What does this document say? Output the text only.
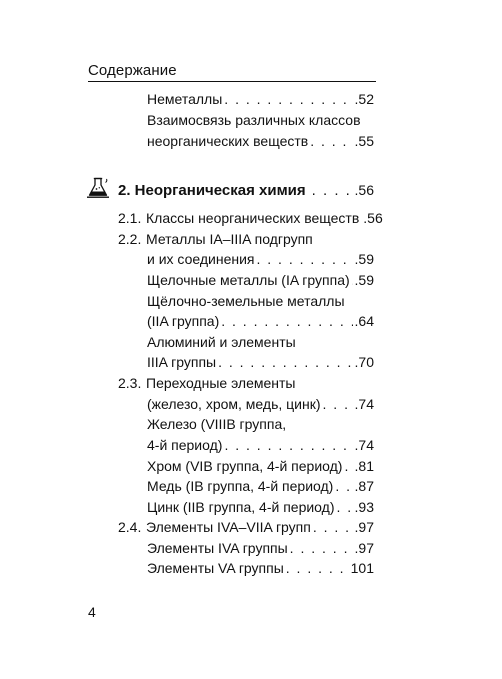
Содержание
Неметаллы . . .	.52
Взаимосвязь различных классов
неорганических веществ . . .	.55
2. Неорганическая химия . . .	.56
2.1. Классы неорганических веществ .56
2.2. Металлы IA–IIIA подгрупп
и их соединения . . .	.59
Щелочные металлы (IA группа) . . . .59
Щёлочно-земельные металлы
(IIA группа) . . .	.64
Алюминий и элементы
IIIA группы . . .	.70
2.3. Переходные элементы
(железо, хром, медь, цинк) . . . .74
Железо (VIIIB группа,
4-й период) . . .	.74
Хром (VIB группа, 4-й период) . . . .81
Медь (IB группа, 4-й период) . . . .87
Цинк (IIB группа, 4-й период) . . . .93
2.4. Элементы IVA–VIIA групп . . .	.97
Элементы IVA группы . . .	.97
Элементы VA группы . . .	101
4
